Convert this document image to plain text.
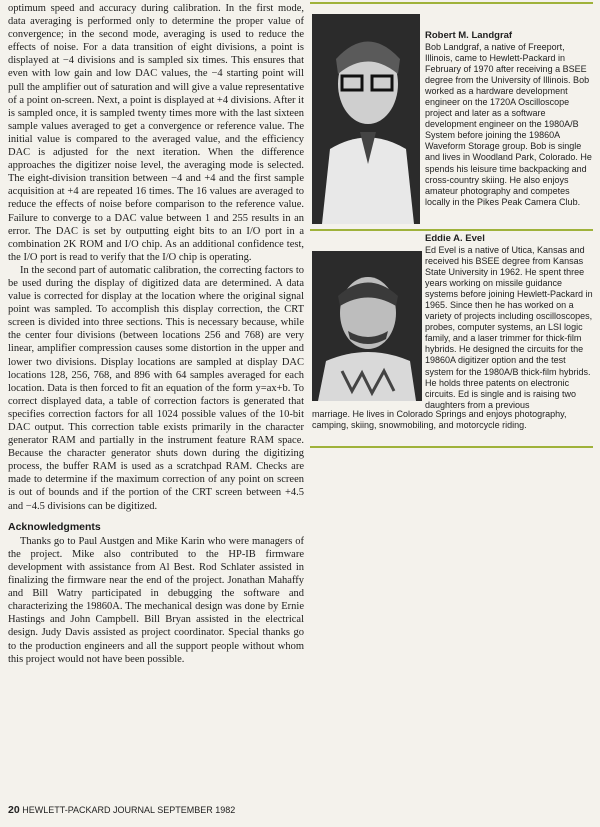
optimum speed and accuracy during calibration. In the first mode, data averaging is performed only to determine the proper value of convergence; in the second mode, averaging is used to reduce the effects of noise. For a data transition of eight divisions, a point is displayed at −4 divisions and is sampled six times. This ensures that even with low gain and low DAC values, the −4 starting point will pull the amplifier out of saturation and will give a value representative of a point on-screen. Next, a point is displayed at +4 divisions. After it is sampled once, it is sampled twenty times more with the last sixteen sample values averaged to get a convergence or reference value. The initial value is compared to the averaged value, and the efficiency DAC is adjusted for the next iteration. When the difference approaches the digitizer noise level, the averaging mode is selected. The eight-division transition between −4 and +4 and the first sample acquisition at +4 are repeated 16 times. The 16 values are averaged to reduce the effects of noise before comparison to the reference value. Failure to converge to a DAC value between 1 and 255 results in an error. The DAC is set by outputting eight bits to an I/O port in a combination 2K ROM and I/O chip. As an additional confidence test, the I/O port is read to verify that the I/O chip is operating.

In the second part of automatic calibration, the correcting factors to be used during the display of digitized data are determined. A data value is corrected for display at the location where the original signal point was sampled. To accomplish this display correction, the CRT screen is divided into three sections. This is necessary because, while the center four divisions (between locations 256 and 768) are very linear, amplifier compression causes some distortion in the upper and lower two divisions. Display locations are sampled at display DAC locations 128, 256, 768, and 896 with 64 samples averaged for each location. Data is then forced to fit an equation of the form y=ax+b. To correct displayed data, a table of correction factors is generated that specifies correction factors for all 1024 possible values of the 10-bit DAC output. This correction table exists primarily in the character generator RAM and partially in the instrument feature RAM space. Because the character generator shuts down during the digitizing process, the buffer RAM is used as a scratchpad RAM. Checks are made to determine if the maximum correction of any point on screen is out of bounds and if the portion of the CRT screen between +4.5 and −4.5 divisions can be digitized.

Acknowledgments

Thanks go to Paul Austgen and Mike Karin who were managers of the project. Mike also contributed to the HP-IB firmware development with assistance from Al Best. Rod Schlater assisted in finalizing the firmware near the end of the project. Jonathan Mahaffy and Bill Watry participated in debugging the software and characterizing the 19860A. The mechanical design was done by Ernie Hastings and John Campbell. Bill Bryan assisted in the electrical design. Judy Davis assisted as project coordinator. Special thanks go to the production engineers and all the support people without whom this project would not have been possible.

Robert M. Landgraf
Bob Landgraf, a native of Freeport, Illinois, came to Hewlett-Packard in February of 1970 after receiving a BSEE degree from the University of Illinois. Bob worked as a hardware development engineer on the 1720A Oscilloscope project and later as a software development engineer on the 1980A/B System before joining the 19860A Waveform Storage group. Bob is single and lives in Woodland Park, Colorado. He spends his leisure time backpacking and cross-country skiing. He also enjoys amateur photography and competes locally in the Pikes Peak Camera Club.
Eddie A. Evel
Ed Evel is a native of Utica, Kansas and received his BSEE degree from Kansas State University in 1962. He spent three years working on missile guidance systems before joining Hewlett-Packard in 1965. Since then he has worked on a variety of projects including oscilloscopes, probes, computer systems, an LSI logic family, and a laser trimmer for thick-film hybrids. He designed the circuits for the 19860A digitizer option and the test system for the 1980A/B thick-film hybrids. He holds three patents on electronic circuits. Ed is single and is raising two daughters from a previous
marriage. He lives in Colorado Springs and enjoys photography, camping, skiing, snowmobiling, and motorcycle riding.
20 HEWLETT-PACKARD JOURNAL SEPTEMBER 1982
